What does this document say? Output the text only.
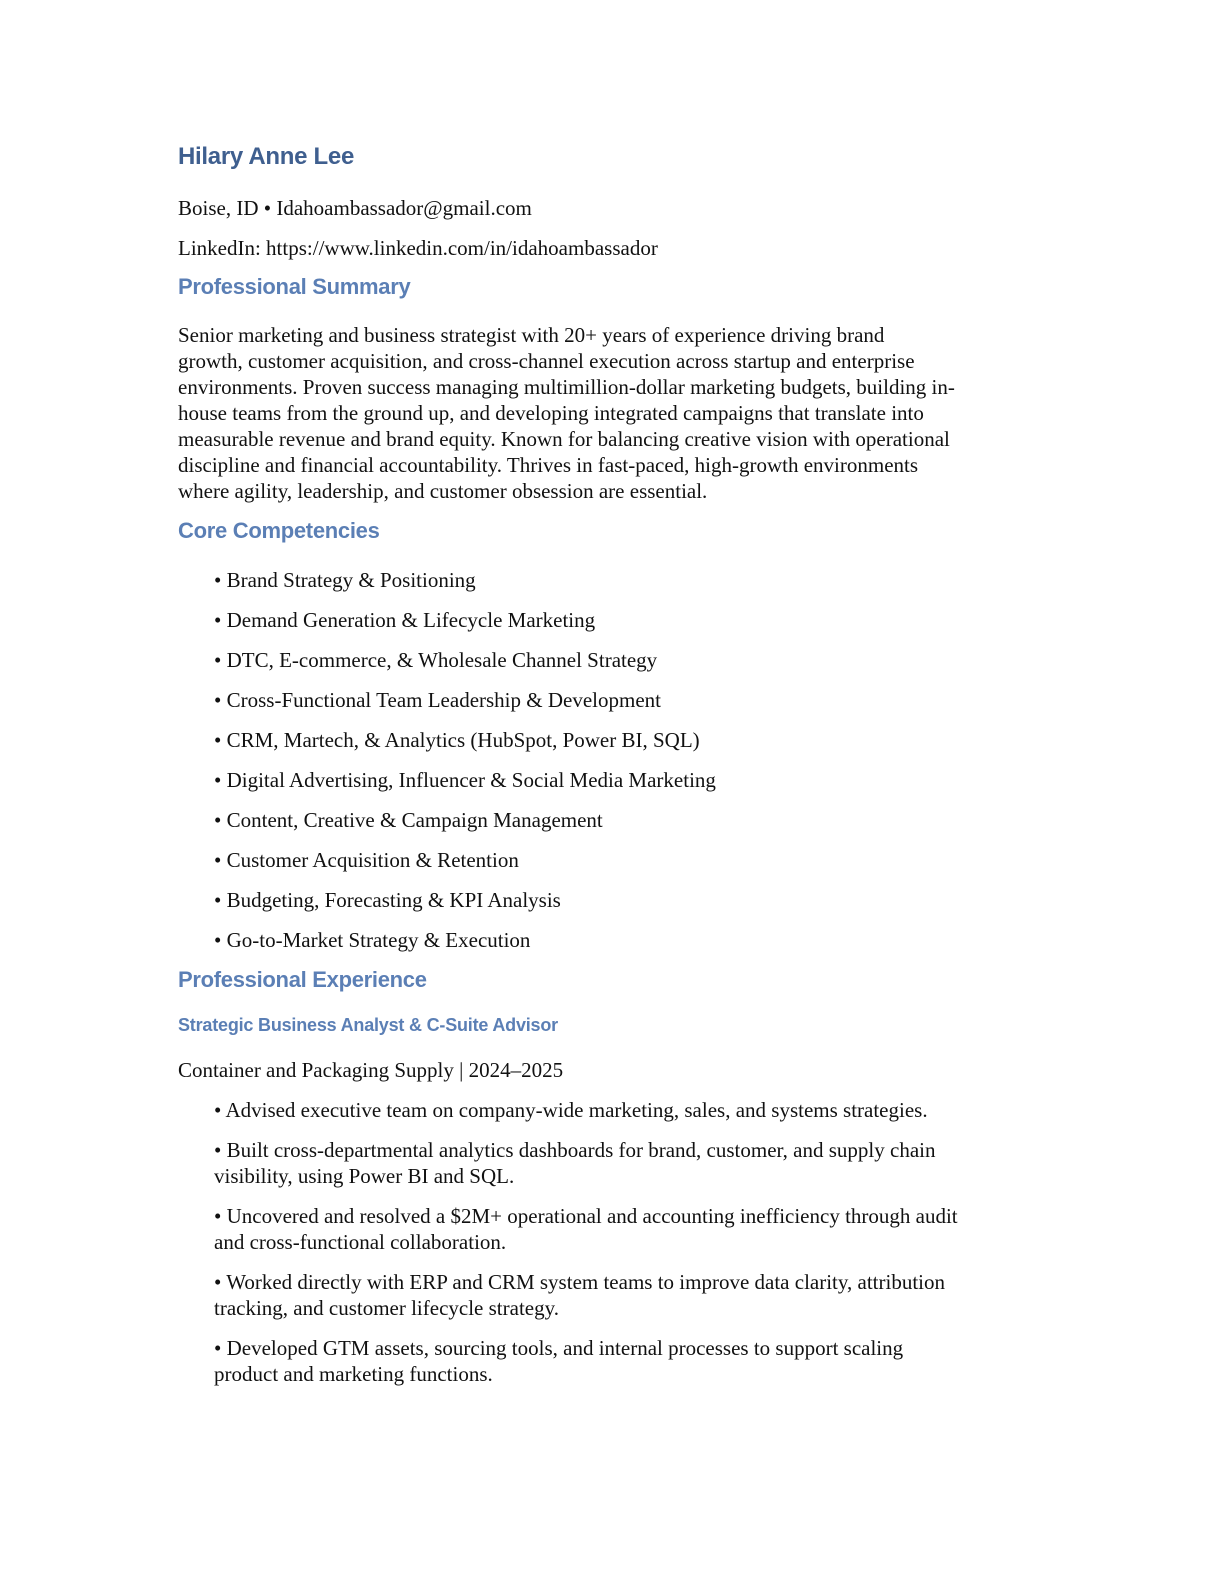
Hilary Anne Lee
Boise, ID • Idahoambassador@gmail.com
LinkedIn: https://www.linkedin.com/in/idahoambassador
Professional Summary
Senior marketing and business strategist with 20+ years of experience driving brand
growth, customer acquisition, and cross-channel execution across startup and enterprise
environments. Proven success managing multimillion-dollar marketing budgets, building in-
house teams from the ground up, and developing integrated campaigns that translate into
measurable revenue and brand equity. Known for balancing creative vision with operational
discipline and financial accountability. Thrives in fast-paced, high-growth environments
where agility, leadership, and customer obsession are essential.
Core Competencies
• Brand Strategy & Positioning
• Demand Generation & Lifecycle Marketing
• DTC, E-commerce, & Wholesale Channel Strategy
• Cross-Functional Team Leadership & Development
• CRM, Martech, & Analytics (HubSpot, Power BI, SQL)
• Digital Advertising, Influencer & Social Media Marketing
• Content, Creative & Campaign Management
• Customer Acquisition & Retention
• Budgeting, Forecasting & KPI Analysis
• Go-to-Market Strategy & Execution
Professional Experience
Strategic Business Analyst & C-Suite Advisor
Container and Packaging Supply | 2024–2025
• Advised executive team on company-wide marketing, sales, and systems strategies.
• Built cross-departmental analytics dashboards for brand, customer, and supply chain
visibility, using Power BI and SQL.
• Uncovered and resolved a $2M+ operational and accounting inefficiency through audit
and cross-functional collaboration.
• Worked directly with ERP and CRM system teams to improve data clarity, attribution
tracking, and customer lifecycle strategy.
• Developed GTM assets, sourcing tools, and internal processes to support scaling
product and marketing functions.
